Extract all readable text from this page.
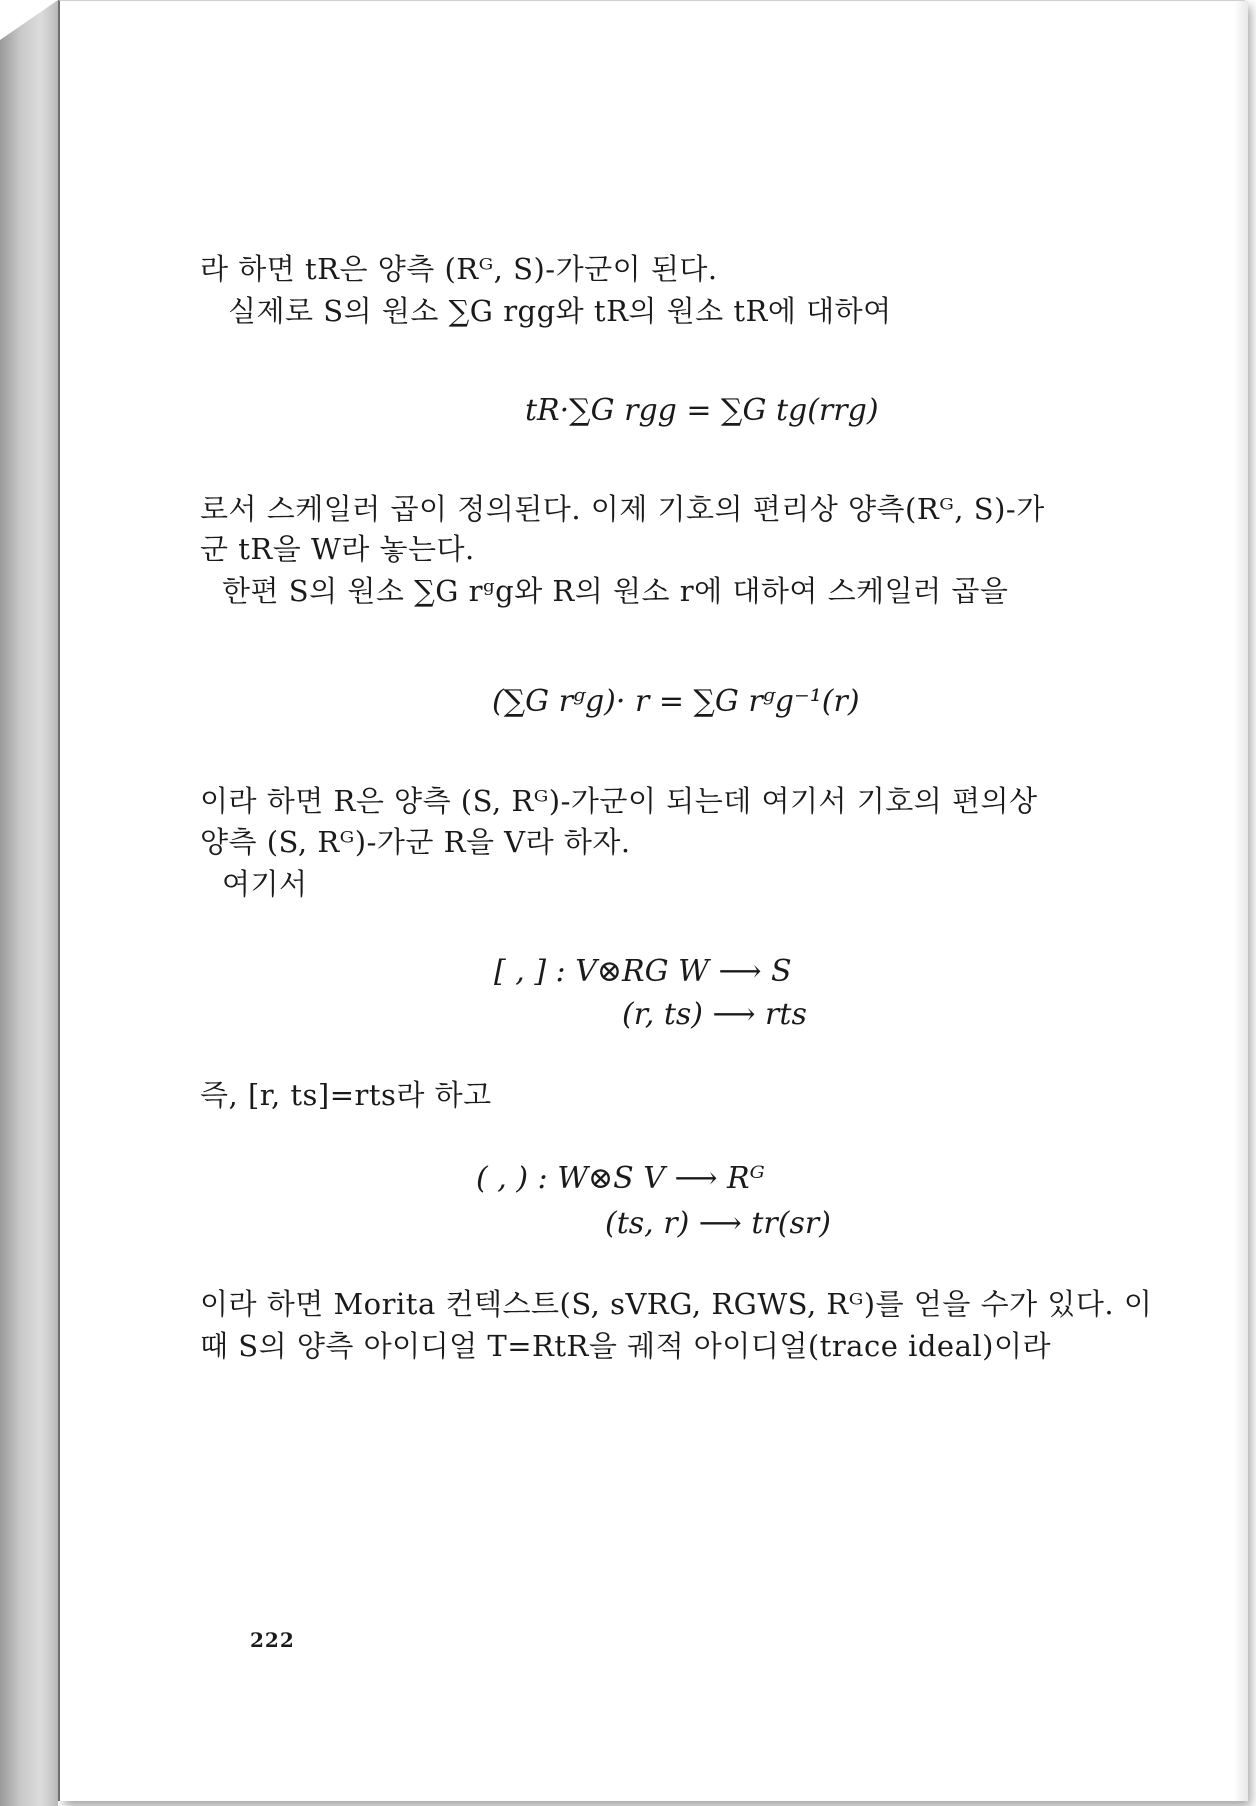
라 하면 tR은 양측 (Rᴳ, S)-가군이 된다.
실제로 S의 원소 ∑G rgg와 tR의 원소 tR에 대하여
tR·∑G rgg = ∑G tg(rrg)
로서 스케일러 곱이 정의된다. 이제 기호의 편리상 양측(Rᴳ, S)-가
군 tR을 W라 놓는다.
한편 S의 원소 ∑G rᵍg와 R의 원소 r에 대하여 스케일러 곱을
(∑G rᵍg)· r = ∑G rᵍg⁻¹(r)
이라 하면 R은 양측 (S, Rᴳ)-가군이 되는데 여기서 기호의 편의상
양측 (S, Rᴳ)-가군 R을 V라 하자.
여기서
[ , ] : V⊗RG W ⟶ S
(r, ts) ⟶ rts
즉, [r, ts]=rts라 하고
( , ) : W⊗S V ⟶ Rᴳ
(ts, r) ⟶ tr(sr)
이라 하면 Morita 컨텍스트(S, sVRG, RGWS, Rᴳ)를 얻을 수가 있다. 이
때 S의 양측 아이디얼 T=RtR을 궤적 아이디얼(trace ideal)이라
222
